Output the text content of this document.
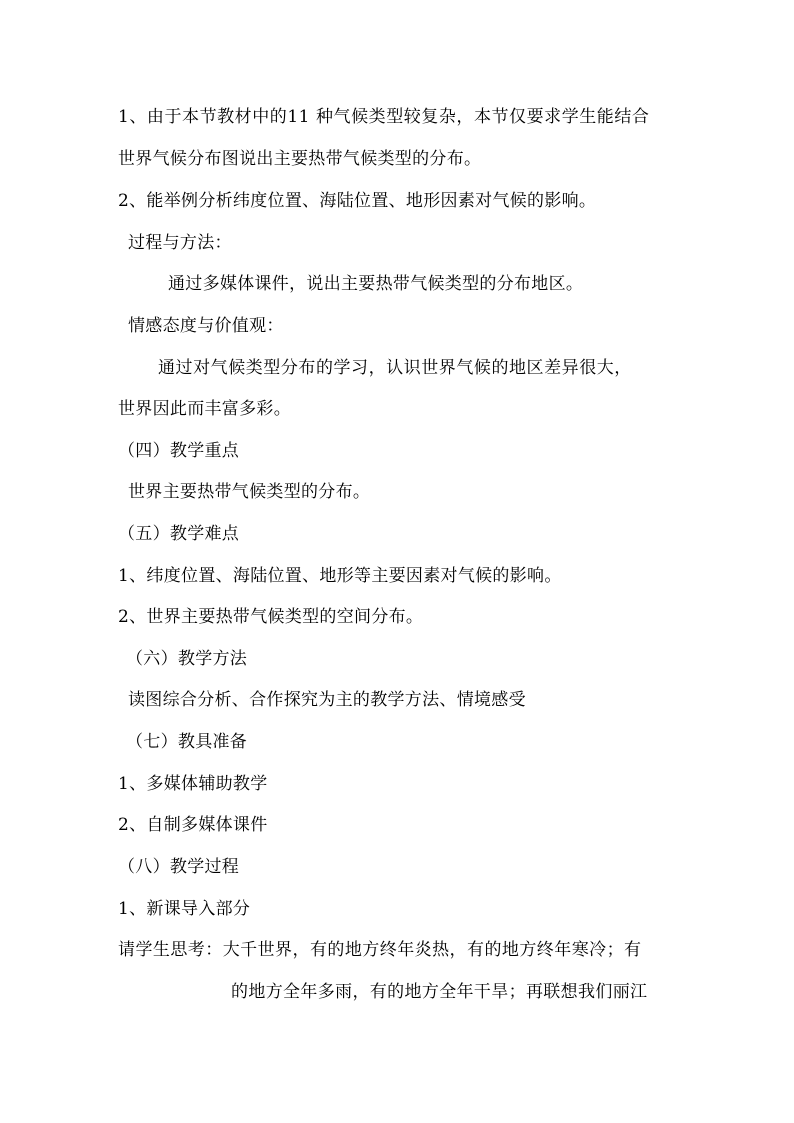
1、由于本节教材中的11 种气候类型较复杂，本节仅要求学生能结合
世界气候分布图说出主要热带气候类型的分布。
2、能举例分析纬度位置、海陆位置、地形因素对气候的影响。
过程与方法：
通过多媒体课件，说出主要热带气候类型的分布地区。
情感态度与价值观：
通过对气候类型分布的学习，认识世界气候的地区差异很大，
世界因此而丰富多彩。
（四）教学重点
世界主要热带气候类型的分布。
（五）教学难点
1、纬度位置、海陆位置、地形等主要因素对气候的影响。
2、世界主要热带气候类型的空间分布。
（六）教学方法
读图综合分析、合作探究为主的教学方法、情境感受
（七）教具准备
1、多媒体辅助教学
2、自制多媒体课件
（八）教学过程
1、新课导入部分
请学生思考：大千世界，有的地方终年炎热，有的地方终年寒冷；有
的地方全年多雨，有的地方全年干旱；再联想我们丽江
